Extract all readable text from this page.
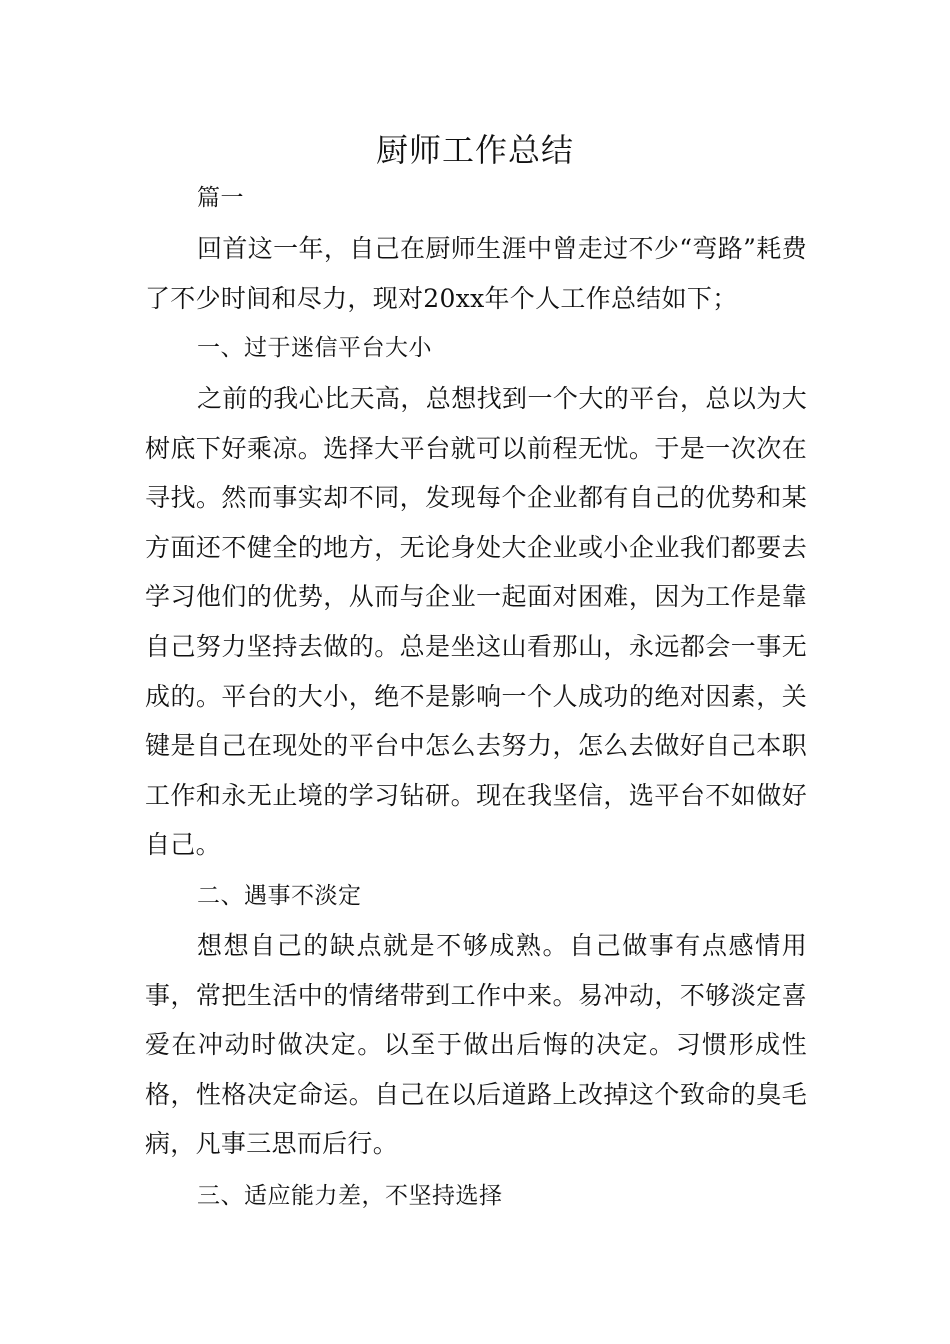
厨师工作总结
篇一
回首这一年，自己在厨师生涯中曾走过不少“弯路”耗费了不少时间和尽力，现对20xx年个人工作总结如下；
一、过于迷信平台大小
之前的我心比天高，总想找到一个大的平台，总以为大树底下好乘凉。选择大平台就可以前程无忧。于是一次次在寻找。然而事实却不同，发现每个企业都有自己的优势和某方面还不健全的地方，无论身处大企业或小企业我们都要去学习他们的优势，从而与企业一起面对困难，因为工作是靠自己努力坚持去做的。总是坐这山看那山，永远都会一事无成的。平台的大小，绝不是影响一个人成功的绝对因素，关键是自己在现处的平台中怎么去努力，怎么去做好自己本职工作和永无止境的学习钻研。现在我坚信，选平台不如做好自己。
二、遇事不淡定
想想自己的缺点就是不够成熟。自己做事有点感情用事，常把生活中的情绪带到工作中来。易冲动，不够淡定喜爱在冲动时做决定。以至于做出后悔的决定。习惯形成性格，性格决定命运。自己在以后道路上改掉这个致命的臭毛病，凡事三思而后行。
三、适应能力差，不坚持选择
